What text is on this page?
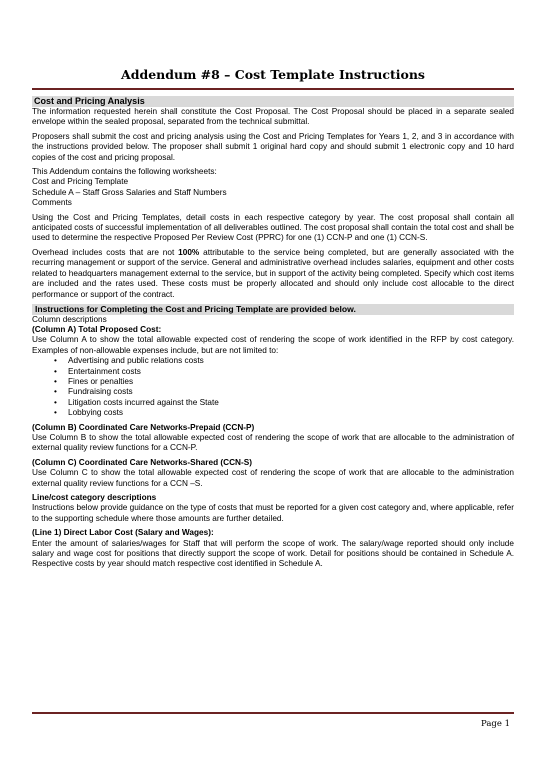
Addendum #8 – Cost Template Instructions
Cost and Pricing Analysis

The information requested herein shall constitute the Cost Proposal. The Cost Proposal should be placed in a separate sealed envelope within the sealed proposal, separated from the technical submittal.

Proposers shall submit the cost and pricing analysis using the Cost and Pricing Templates for Years 1, 2, and 3 in accordance with the instructions provided below. The proposer shall submit 1 original hard copy and should submit 1 electronic copy and 10 hard copies of the cost and pricing proposal.

This Addendum contains the following worksheets:
Cost and Pricing Template
Schedule A – Staff Gross Salaries and Staff Numbers
Comments

Using the Cost and Pricing Templates, detail costs in each respective category by year. The cost proposal shall contain all anticipated costs of successful implementation of all deliverables outlined. The cost proposal shall contain the total cost and shall be used to determine the respective Proposed Per Review Cost (PPRC) for one (1) CCN-P and one (1) CCN-S.

Overhead includes costs that are not 100% attributable to the service being completed, but are generally associated with the recurring management or support of the service. General and administrative overhead includes salaries, equipment and other costs related to headquarters management external to the service, but in support of the activity being completed. Specify which cost items are included and the rates used. These costs must be properly allocated and should only include cost allocable to the direct performance or support of the contract.

Instructions for Completing the Cost and Pricing Template are provided below.
Column descriptions
(Column A) Total Proposed Cost:

Use Column A to show the total allowable expected cost of rendering the scope of work identified in the RFP by cost category. Examples of non-allowable expenses include, but are not limited to:

• Advertising and public relations costs
• Entertainment costs
• Fines or penalties
• Fundraising costs
• Litigation costs incurred against the State
• Lobbying costs
(Column B) Coordinated Care Networks-Prepaid (CCN-P)

Use Column B to show the total allowable expected cost of rendering the scope of work that are allocable to the administration of external quality review functions for a CCN-P.

(Column C) Coordinated Care Networks-Shared (CCN-S)

Use Column C to show the total allowable expected cost of rendering the scope of work that are allocable to the administration external quality review functions for a CCN –S.

Line/cost category descriptions

Instructions below provide guidance on the type of costs that must be reported for a given cost category and, where applicable, refer to the supporting schedule where those amounts are further detailed.

(Line 1) Direct Labor Cost (Salary and Wages):

Enter the amount of salaries/wages for Staff that will perform the scope of work. The salary/wage reported should only include salary and wage cost for positions that directly support the scope of work. Detail for positions should be contained in Schedule A. Respective costs by year should match respective cost identified in Schedule A.

Page 1
